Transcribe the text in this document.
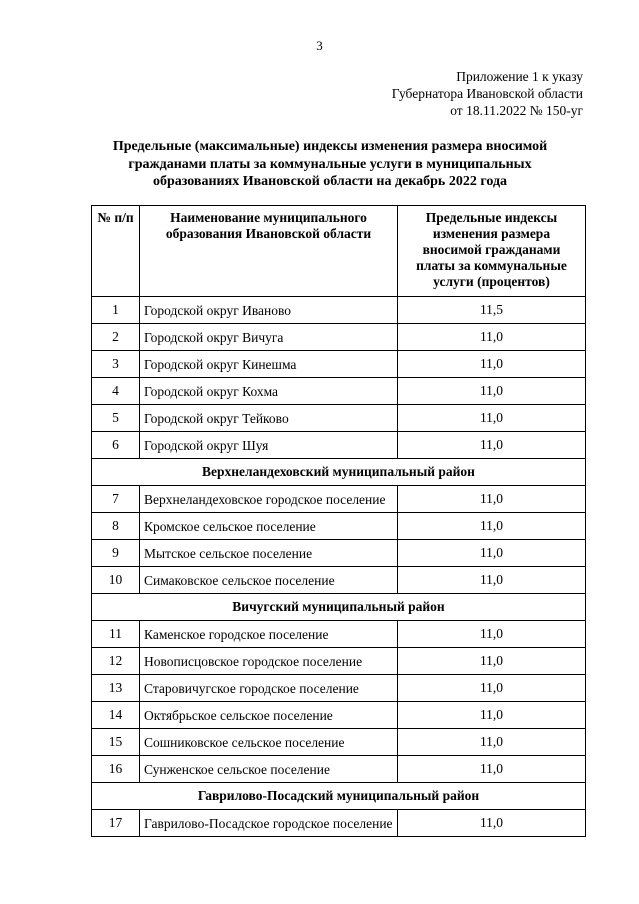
3
Приложение 1 к указу
Губернатора Ивановской области
от 18.11.2022 № 150-уг
Предельные (максимальные) индексы изменения размера вносимой гражданами платы за коммунальные услуги в муниципальных образованиях Ивановской области на декабрь 2022 года
№ п/п	Наименование муниципального образования Ивановской области	Предельные индексы изменения размера вносимой гражданами платы за коммунальные услуги (процентов)
1	Городской округ Иваново	11,5
2	Городской округ Вичуга	11,0
3	Городской округ Кинешма	11,0
4	Городской округ Кохма	11,0
5	Городской округ Тейково	11,0
6	Городской округ Шуя	11,0
Верхнеландеховский муниципальный район		
7	Верхнеландеховское городское поселение	11,0
8	Кромское сельское поселение	11,0
9	Мытское сельское поселение	11,0
10	Симаковское сельское поселение	11,0
Вичугский муниципальный район		
11	Каменское городское поселение	11,0
12	Новописцовское городское поселение	11,0
13	Старовичугское городское поселение	11,0
14	Октябрьское сельское поселение	11,0
15	Сошниковское сельское поселение	11,0
16	Сунженское сельское поселение	11,0
Гаврилово-Посадский муниципальный район		
17	Гаврилово-Посадское городское поселение	11,0
